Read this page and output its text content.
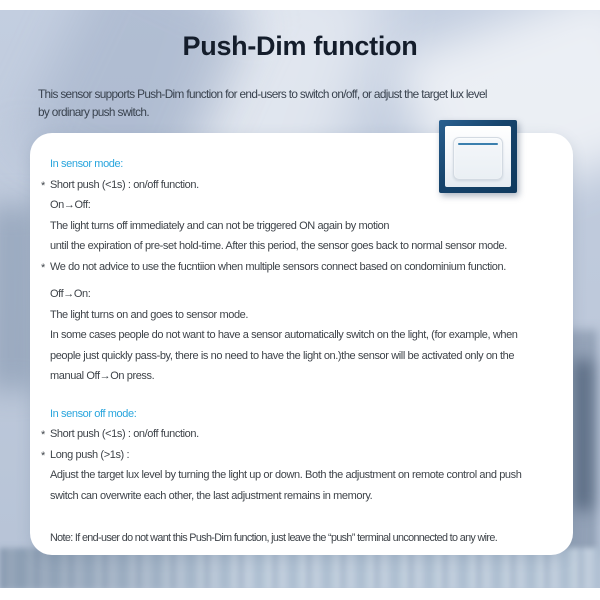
Push-Dim function
This sensor supports Push-Dim function for end-users to switch on/off, or adjust the target lux level
by ordinary push switch.
In sensor mode:
* Short push (<1s) : on/off function.
On→Off:
The light turns off immediately and can not be triggered ON again by motion
until the expiration of pre-set hold-time. After this period, the sensor goes back to normal sensor mode.
* We do not advice to use the fucntiion when multiple sensors connect based on condominium function.
Off→On:
The light turns on and goes to sensor mode.
In some cases people do not want to have a sensor automatically switch on the light, (for example, when
people just quickly pass-by, there is no need to have the light on.)the sensor will be activated only on the
manual Off→On press.
In sensor off mode:
* Short push (<1s) : on/off function.
* Long push (>1s) :
Adjust the target lux level by turning the light up or down. Both the adjustment on remote control and push
switch can overwrite each other, the last adjustment remains in memory.
Note: If end-user do not want this Push-Dim function, just leave the “push” terminal unconnected to any wire.
